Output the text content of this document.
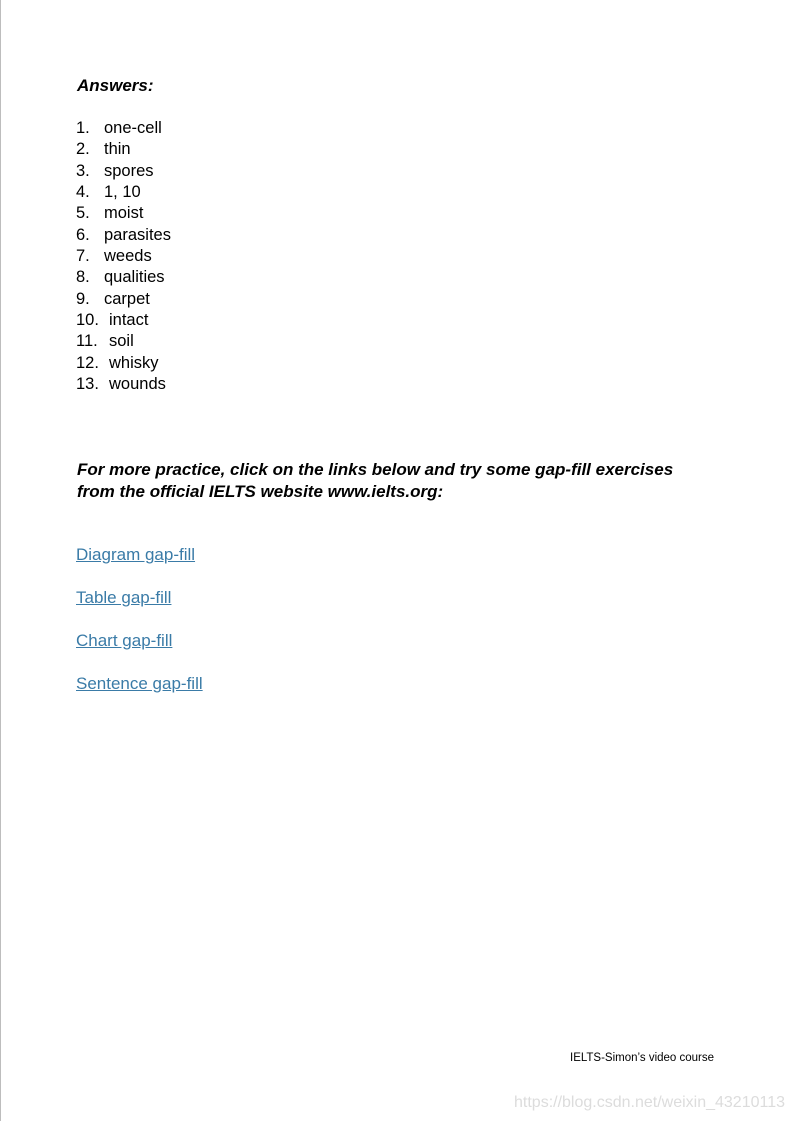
Answers:
1. one-cell
2. thin
3. spores
4. 1, 10
5. moist
6. parasites
7. weeds
8. qualities
9. carpet
10. intact
11. soil
12. whisky
13. wounds

For more practice, click on the links below and try some gap-fill exercises
from the official IELTS website www.ielts.org:

Diagram gap-fill
Table gap-fill
Chart gap-fill
Sentence gap-fill
IELTS-Simon’s video course
https://blog.csdn.net/weixin_43210113
